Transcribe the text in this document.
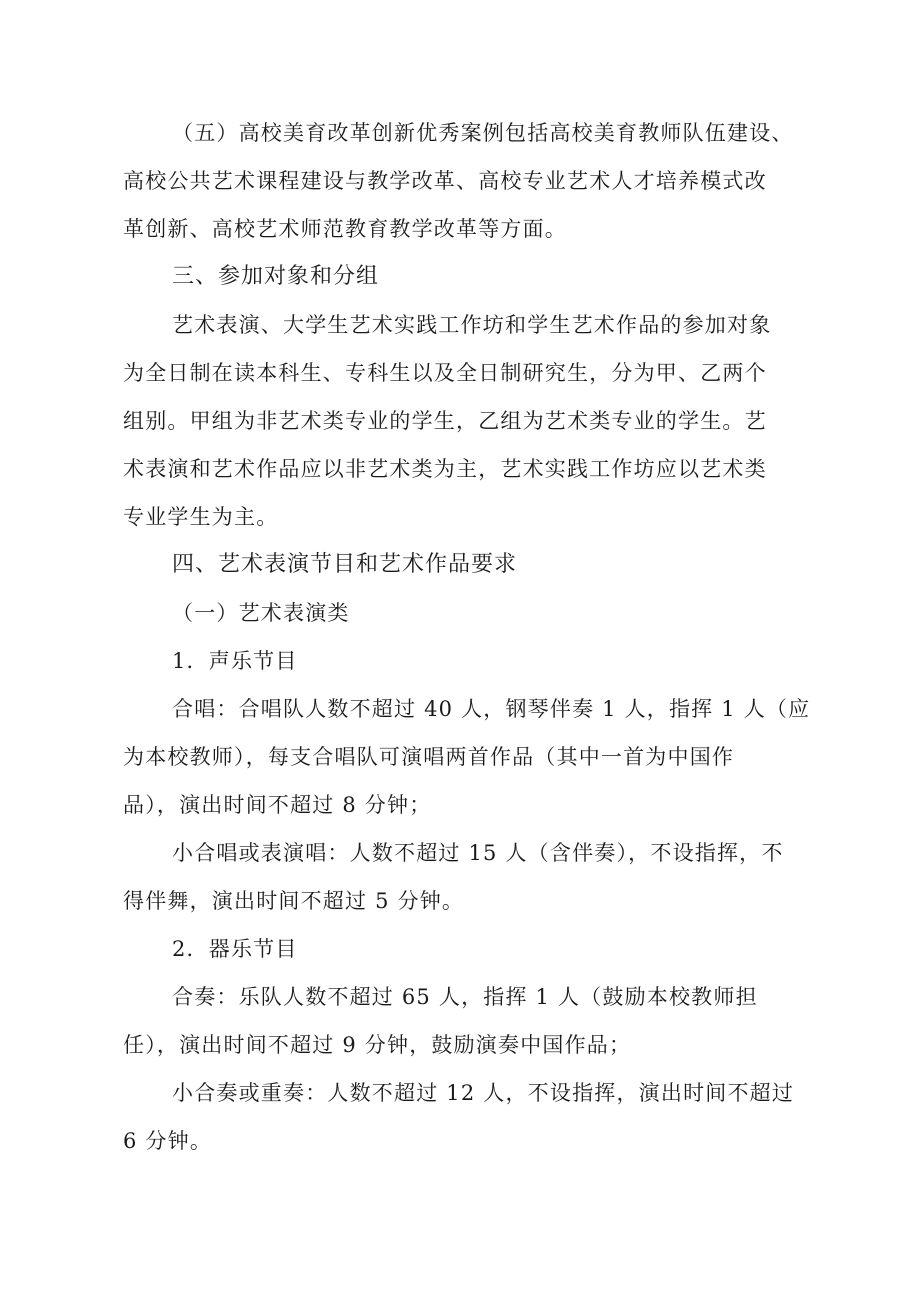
（五）高校美育改革创新优秀案例包括高校美育教师队伍建设、
高校公共艺术课程建设与教学改革、高校专业艺术人才培养模式改
革创新、高校艺术师范教育教学改革等方面。
三、参加对象和分组
艺术表演、大学生艺术实践工作坊和学生艺术作品的参加对象
为全日制在读本科生、专科生以及全日制研究生，分为甲、乙两个
组别。甲组为非艺术类专业的学生，乙组为艺术类专业的学生。艺
术表演和艺术作品应以非艺术类为主，艺术实践工作坊应以艺术类
专业学生为主。
四、艺术表演节目和艺术作品要求
（一）艺术表演类
1．声乐节目
合唱：合唱队人数不超过 40 人，钢琴伴奏 1 人，指挥 1 人（应
为本校教师），每支合唱队可演唱两首作品（其中一首为中国作
品），演出时间不超过 8 分钟；
小合唱或表演唱：人数不超过 15 人（含伴奏），不设指挥，不
得伴舞，演出时间不超过 5 分钟。
2．器乐节目
合奏：乐队人数不超过 65 人，指挥 1 人（鼓励本校教师担
任），演出时间不超过 9 分钟，鼓励演奏中国作品；
小合奏或重奏：人数不超过 12 人，不设指挥，演出时间不超过
6 分钟。
